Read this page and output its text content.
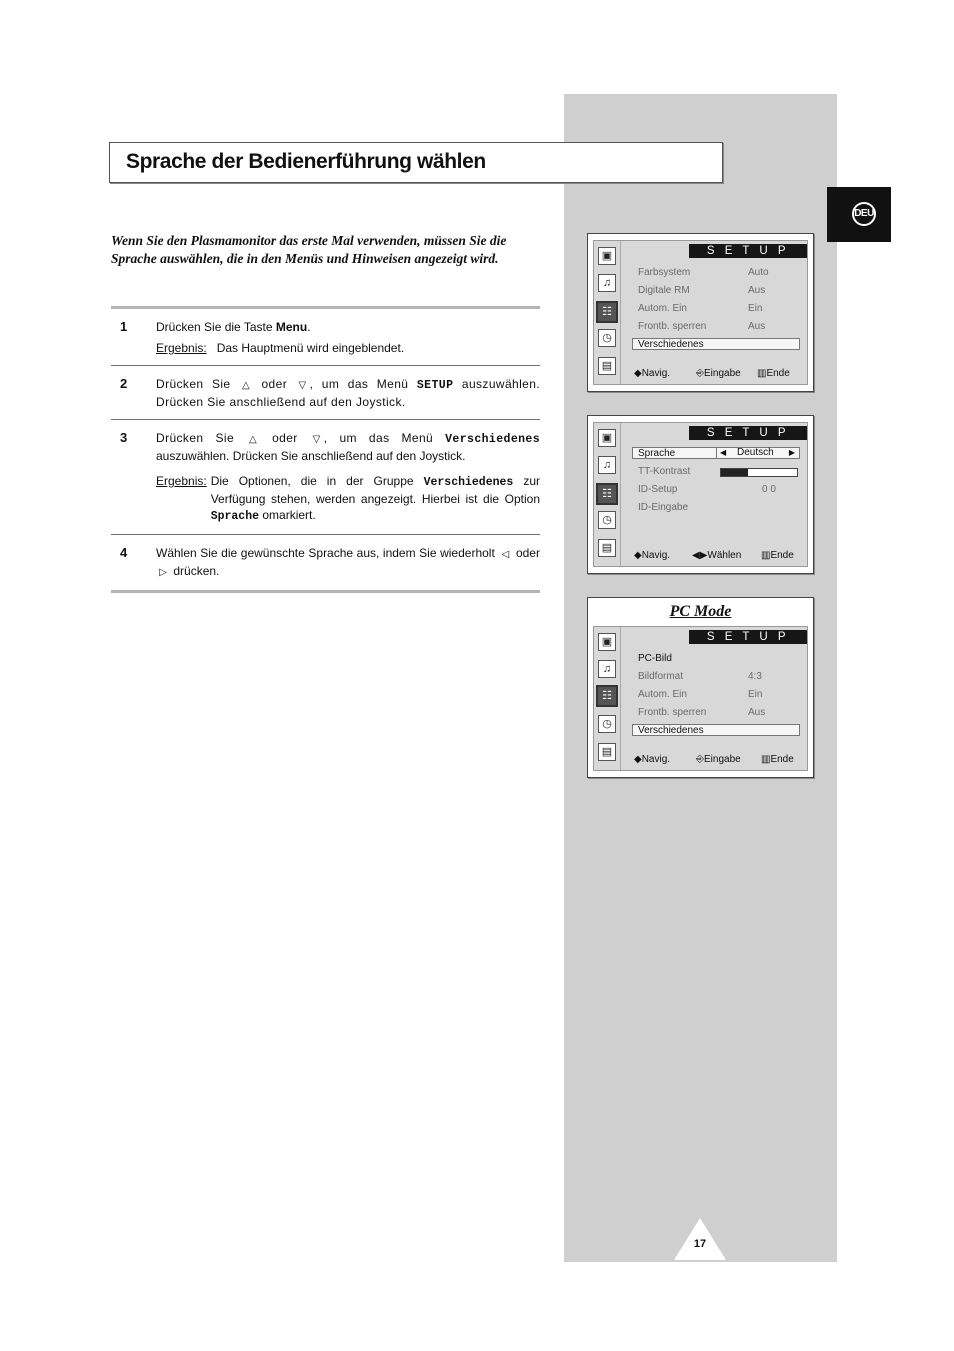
DEU
Sprache der Bedienerführung wählen
Wenn Sie den Plasmamonitor das erste Mal verwenden, müssen Sie die Sprache auswählen, die in den Menüs und Hinweisen angezeigt wird.
1 Drücken Sie die Taste Menu.

Ergebnis: Das Hauptmenü wird eingeblendet.
2 Drücken Sie △ oder ▽ , um das Menü SETUP auszuwählen. Drücken Sie anschließend auf den Joystick.

3 Drücken Sie △ oder ▽ , um das Menü Verschiedenes auszuwählen. Drücken Sie anschließend auf den Joystick.

Ergebnis: Die Optionen, die in der Gruppe Verschiedenes zur Verfügung stehen, werden angezeigt. Hierbei ist die Option Sprache omarkiert.
4 Wählen Sie die gewünschte Sprache aus, indem Sie wiederholt ◁ oder ▷ drücken.

▣
♫
☷
◷
▤
S E T U P
Farbsystem	Auto
Digitale RM	Aus
Autom. Ein	Ein
Frontb. sperren	Aus
Verschiedenes
◆Navig.	⎆Eingabe ▥Ende
▣
♫
☷
◷
▤
S E T U P
Sprache	◀ Deutsch ▶
TT-Kontrast
ID-Setup	0 0
ID-Eingabe
◆Navig. ◀▶Wählen ▥Ende
PC Mode
▣
♫
☷
◷
▤
S E T U P
PC-Bild
Bildformat	4:3
Autom. Ein	Ein
Frontb. sperren	Aus
Verschiedenes
◆Navig.	⎆Eingabe ▥Ende
17
